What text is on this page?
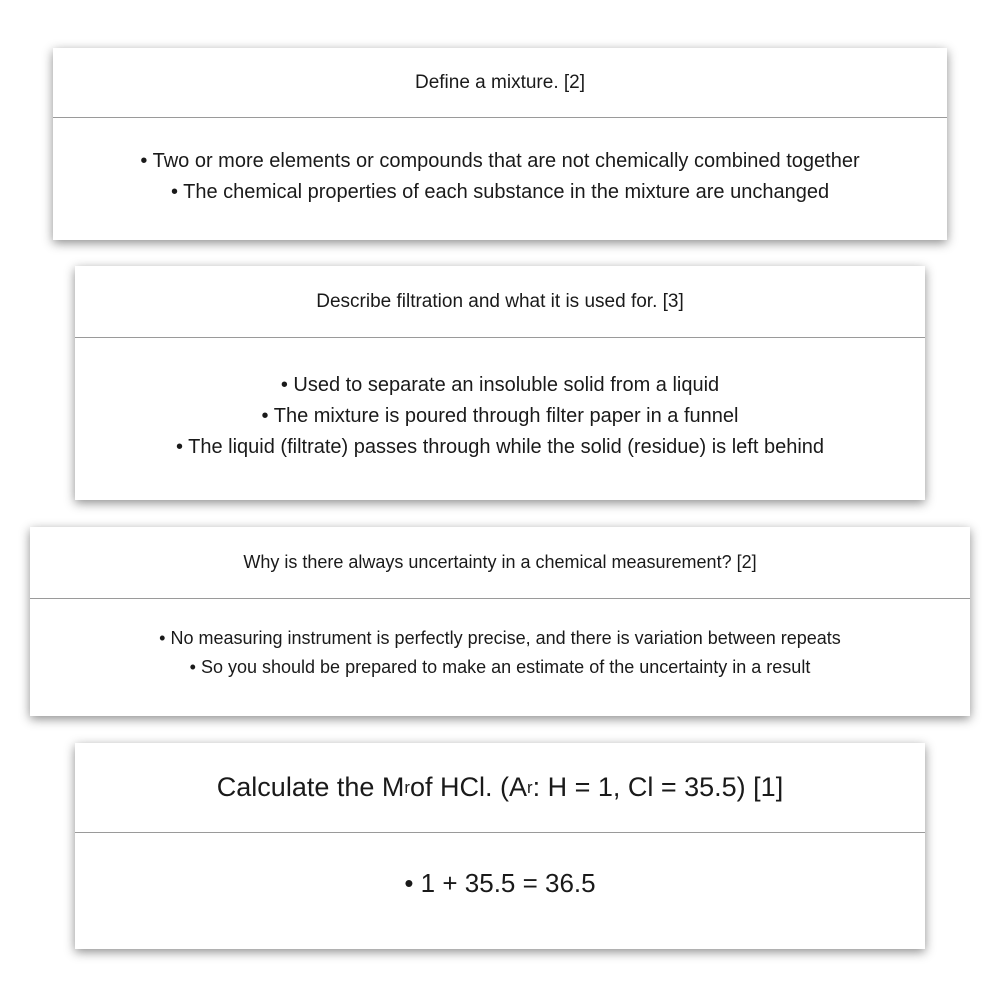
Define a mixture. [2]
• Two or more elements or compounds that are not chemically combined together
• The chemical properties of each substance in the mixture are unchanged
Describe filtration and what it is used for. [3]
• Used to separate an insoluble solid from a liquid
• The mixture is poured through filter paper in a funnel
• The liquid (filtrate) passes through while the solid (residue) is left behind
Why is there always uncertainty in a chemical measurement? [2]
• No measuring instrument is perfectly precise, and there is variation between repeats
• So you should be prepared to make an estimate of the uncertainty in a result
Calculate the M r of HCl. (A r : H = 1, Cl = 35.5) [1]
• 1 + 35.5 = 36.5
